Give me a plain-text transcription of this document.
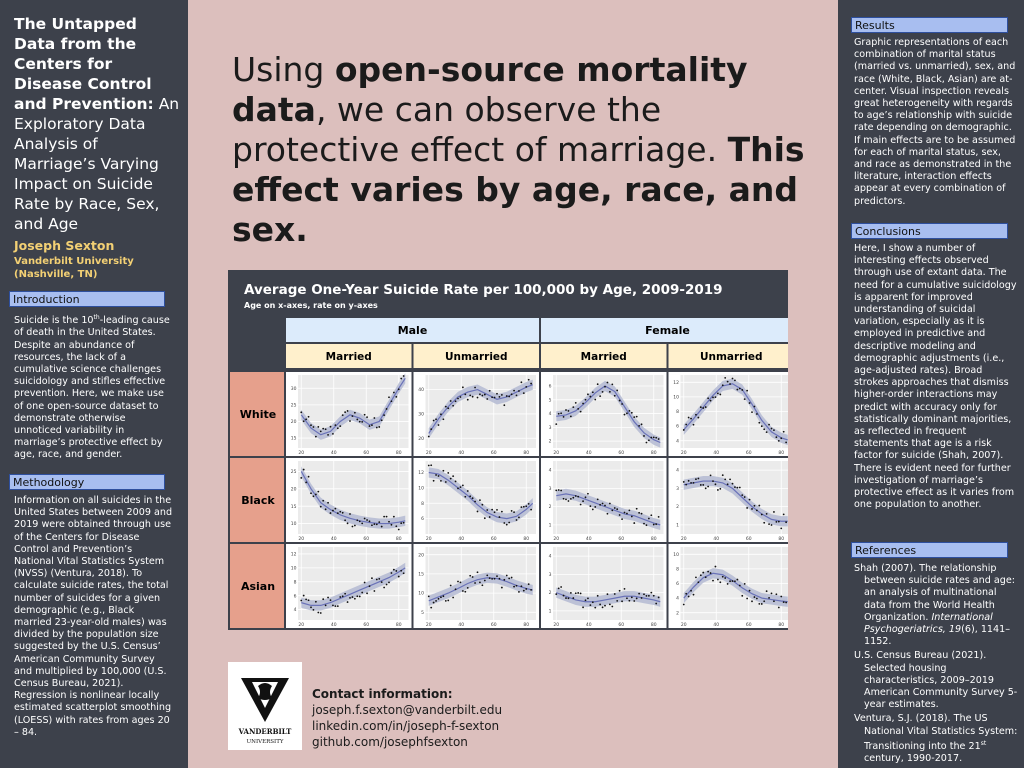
The Untapped Data from the Centers for Disease Control and Prevention: An Exploratory Data Analysis of Marriage’s Varying Impact on Suicide Rate by Race, Sex, and Age
Joseph Sexton
Vanderbilt University (Nashville, TN)
Introduction
Suicide is the 10th-leading cause of death in the United States. Despite an abundance of resources, the lack of a cumulative science challenges suicidology and stifles effective prevention. Here, we make use of one open-source dataset to demonstrate otherwise unnoticed variability in marriage’s protective effect by age, race, and gender.
Methodology
Information on all suicides in the United States between 2009 and 2019 were obtained through use of the Centers for Disease Control and Prevention’s National Vital Statistics System (NVSS) (Ventura, 2018). To calculate suicide rates, the total number of suicides for a given demographic (e.g., Black married 23-year-old males) was divided by the population size suggested by the U.S. Census’ American Community Survey and multiplied by 100,000 (U.S. Census Bureau, 2021). Regression is nonlinear locally estimated scatterplot smoothing (LOESS) with rates from ages 20 – 84.
Using open-source mortality data, we can observe the protective effect of marriage. This effect varies by age, race, and sex.
Average One-Year Suicide Rate per 100,000 by Age, 2009-2019
Age on x-axes, rate on y-axes
Male	Female
Married	Unmarried	Married	Unmarried
White
Black
Asian
20	40	60	80
15
20
25
30
20	40	60	80
20
30
40
20	40	60	80
2
3
4
5
6
20	40	60	80
4
6
8
10
12
20	40	60	80
10
15
20
25
20	40	60	80
6
8
10
12
20	40	60	80
1
2
3
4
20	40	60	80
1
2
3
4
20	40	60	80
4
6
8
10
12
20	40	60	80
5
10
15
20
20	40	60	80
1
2
3
4
20	40	60	80
2
4
6
8
10
VANDERBILT
UNIVERSITY
Contact information:
joseph.f.sexton@vanderbilt.edu
linkedin.com/in/joseph-f-sexton
github.com/josephfsexton
Results
Graphic representations of each combination of marital status (married vs. unmarried), sex, and race (White, Black, Asian) are at-center. Visual inspection reveals great heterogeneity with regards to age’s relationship with suicide rate depending on demographic. If main effects are to be assumed for each of marital status, sex, and race as demonstrated in the literature, interaction effects appear at every combination of predictors.
Conclusions
Here, I show a number of interesting effects observed through use of extant data. The need for a cumulative suicidology is apparent for improved understanding of suicidal variation, especially as it is employed in predictive and descriptive modeling and demographic adjustments (i.e., age-adjusted rates). Broad strokes approaches that dismiss higher-order interactions may predict with accuracy only for statistically dominant majorities, as reflected in frequent statements that age is a risk factor for suicide (Shah, 2007). There is evident need for further investigation of marriage’s protective effect as it varies from one population to another.
References

Shah (2007). The relationship between suicide rates and age: an analysis of multinational data from the World Health Organization. International Psychogeriatrics, 19(6), 1141–1152.

U.S. Census Bureau (2021). Selected housing characteristics, 2009–2019 American Community Survey 5-year estimates.

Ventura, S.J. (2018). The US National Vital Statistics System: Transitioning into the 21st century, 1990-2017.
